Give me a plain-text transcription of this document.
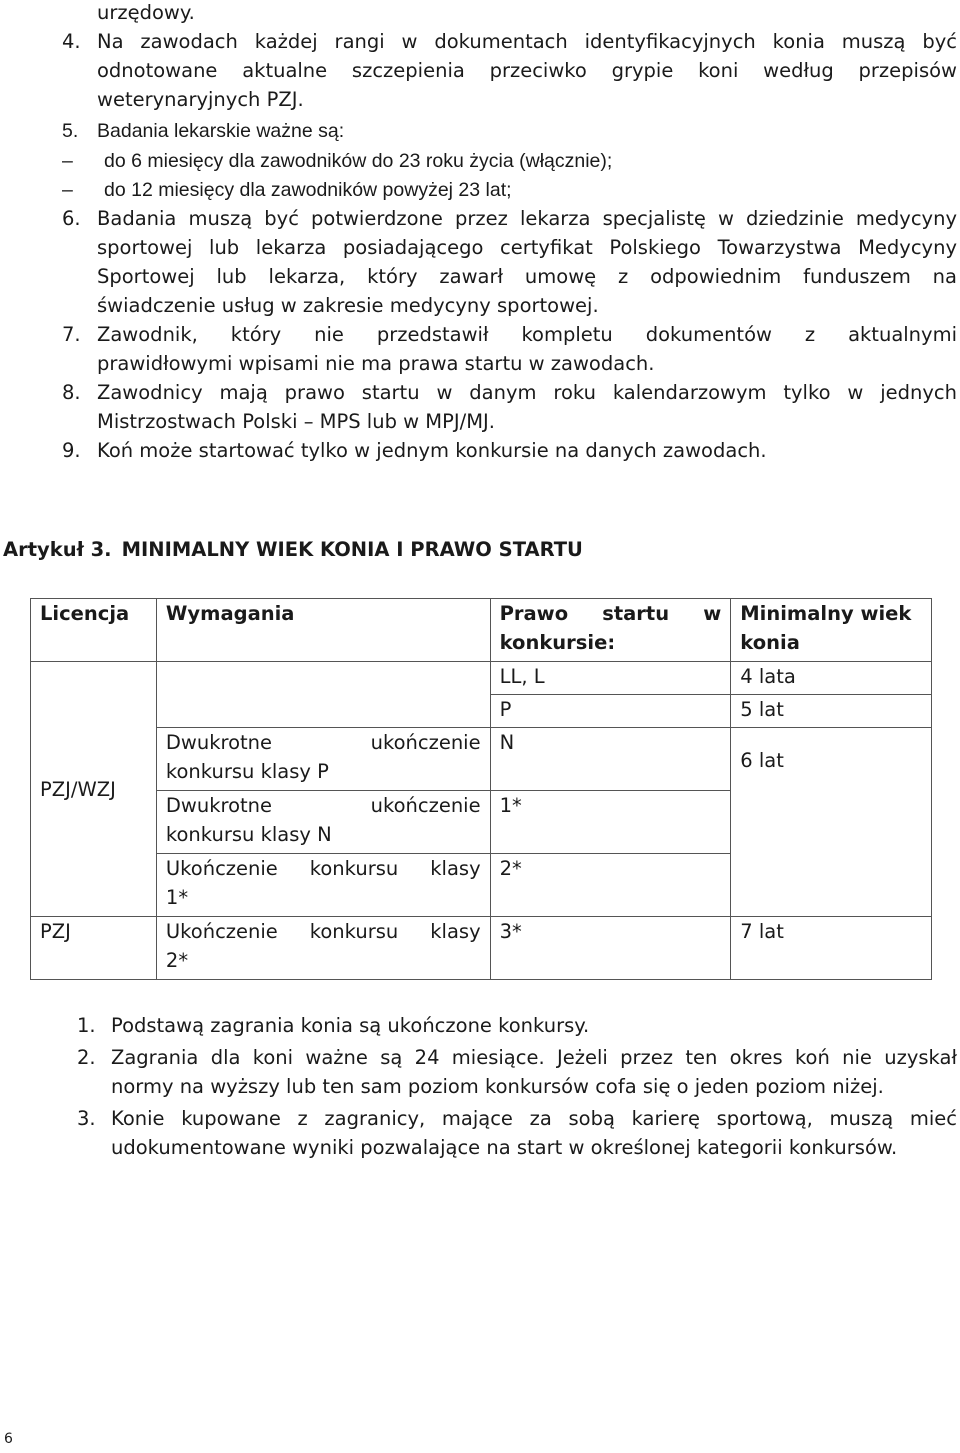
urzędowy.
4. Na zawodach każdej rangi w dokumentach identyfikacyjnych konia muszą być
odnotowane aktualne szczepienia przeciwko grypie koni według przepisów
weterynaryjnych PZJ.
5. Badania lekarskie ważne są:
– do 6 miesięcy dla zawodników do 23 roku życia (włącznie);
– do 12 miesięcy dla zawodników powyżej 23 lat;
6. Badania muszą być potwierdzone przez lekarza specjalistę w dziedzinie medycyny
sportowej lub lekarza posiadającego certyfikat Polskiego Towarzystwa Medycyny
Sportowej lub lekarza, który zawarł umowę z odpowiednim funduszem na
świadczenie usług w zakresie medycyny sportowej.
7. Zawodnik, który nie przedstawił kompletu dokumentów z aktualnymi
prawidłowymi wpisami nie ma prawa startu w zawodach.
8. Zawodnicy mają prawo startu w danym roku kalendarzowym tylko w jednych
Mistrzostwach Polski – MPS lub w MPJ/MJ.
9. Koń może startować tylko w jednym konkursie na danych zawodach.
Artykuł 3. MINIMALNY WIEK KONIA I PRAWO STARTU
Licencja	Wymagania	Prawo startu w
konkursie:	Minimalny wiek konia
PZJ/WZJ		LL, L	4 lata
		P	5 lat

	Dwukrotne ukończenie
konkursu klasy P	N	6 lat

	Dwukrotne ukończenie
konkursu klasy N	1*	

	Ukończenie konkursu klasy
1*	2*	
PZJ	Ukończenie konkursu klasy
2*	3*	7 lat
1. Podstawą zagrania konia są ukończone konkursy.
2. Zagrania dla koni ważne są 24 miesiące. Jeżeli przez ten okres koń nie uzyskał
normy na wyższy lub ten sam poziom konkursów cofa się o jeden poziom niżej.
3. Konie kupowane z zagranicy, mające za sobą karierę sportową, muszą mieć
udokumentowane wyniki pozwalające na start w określonej kategorii konkursów.
6
